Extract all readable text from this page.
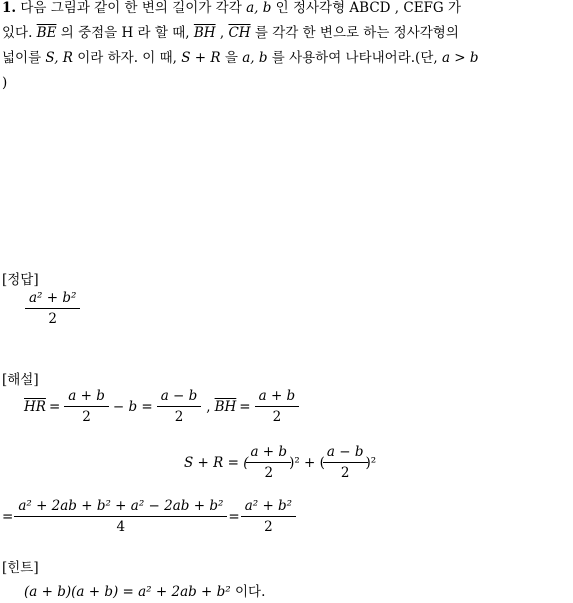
1. 다음 그림과 같이 한 변의 길이가 각각 a, b 인 정사각형 ABCD , CEFG 가
있다. $\overline{BE}$ 의 중점을 H 라 할 때, $\overline{BH}$ , $\overline{CH}$ 를 각각 한 변으로 하는 정사각형의
넓이를 S, R 이라 하자. 이 때, S + R 을 a, b 를 사용하여 나타내어라.(단, a > b
)
[정답]
$\frac{\text{a² + b²}}{2}$
[해설]
$\overline{HR} = \frac{a + b}{2} - b = \frac{a - b}{2}$ , $\overline{BH} = \frac{a + b}{2}$
S + R = ( $\frac{a + b}{2} )^2$ + ( $\frac{a - b}{2} )^2$
= $\frac{\text{a² + 2ab + b² + a² − 2ab + b²}}{4} = \frac{\text{a² + b²}}{2}$
[힌트]
(a + b)(a + b) = a² + 2ab + b² 이다.
